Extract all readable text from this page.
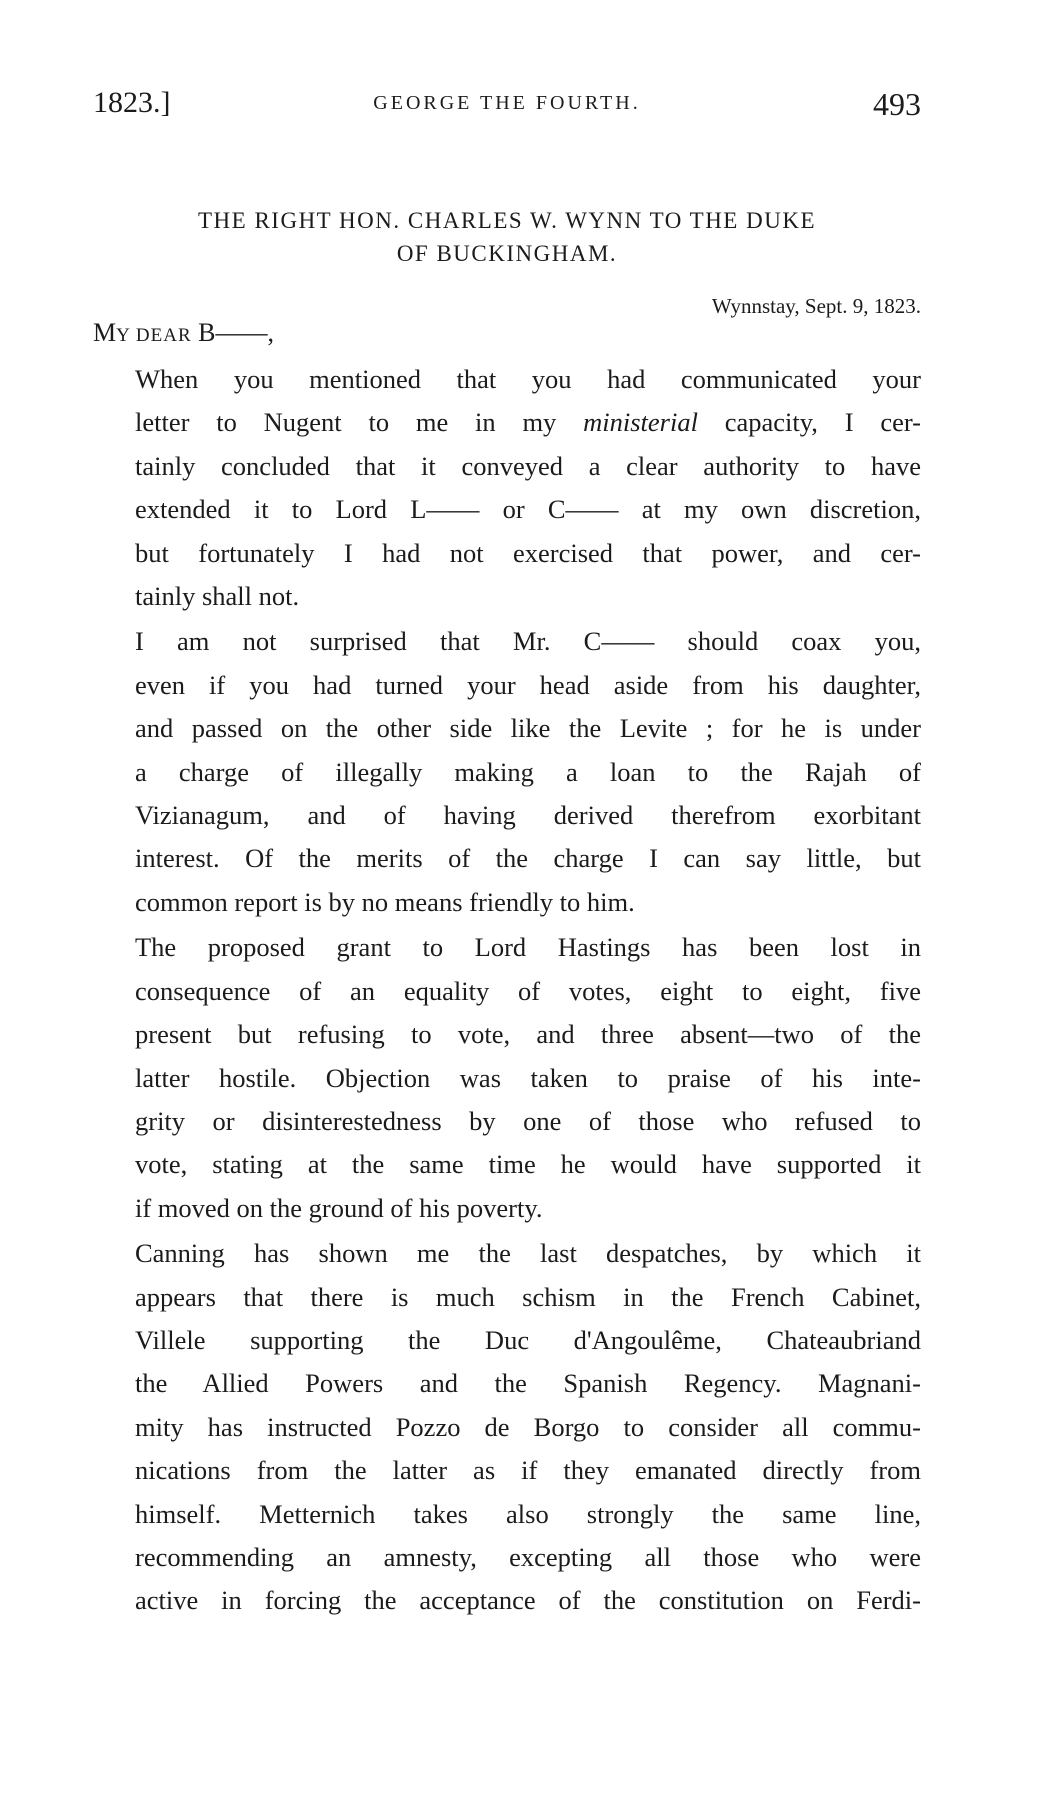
1823.]	GEORGE THE FOURTH.	493
THE RIGHT HON. CHARLES W. WYNN TO THE DUKE
OF BUCKINGHAM.
Wynnstay, Sept. 9, 1823.
MY DEAR B——,

When you mentioned that you had communicated your
letter to Nugent to me in my ministerial capacity, I cer-
tainly concluded that it conveyed a clear authority to have
extended it to Lord L—— or C—— at my own discretion,
but fortunately I had not exercised that power, and cer-
tainly shall not.

I am not surprised that Mr. C—— should coax you,
even if you had turned your head aside from his daughter,
and passed on the other side like the Levite ; for he is under
a charge of illegally making a loan to the Rajah of
Vizianagum, and of having derived therefrom exorbitant
interest. Of the merits of the charge I can say little, but
common report is by no means friendly to him.

The proposed grant to Lord Hastings has been lost in
consequence of an equality of votes, eight to eight, five
present but refusing to vote, and three absent—two of the
latter hostile. Objection was taken to praise of his inte-
grity or disinterestedness by one of those who refused to
vote, stating at the same time he would have supported it
if moved on the ground of his poverty.

Canning has shown me the last despatches, by which it
appears that there is much schism in the French Cabinet,
Villele supporting the Duc d'Angoulême, Chateaubriand
the Allied Powers and the Spanish Regency. Magnani-
mity has instructed Pozzo de Borgo to consider all commu-
nications from the latter as if they emanated directly from
himself. Metternich takes also strongly the same line,
recommending an amnesty, excepting all those who were
active in forcing the acceptance of the constitution on Ferdi-
